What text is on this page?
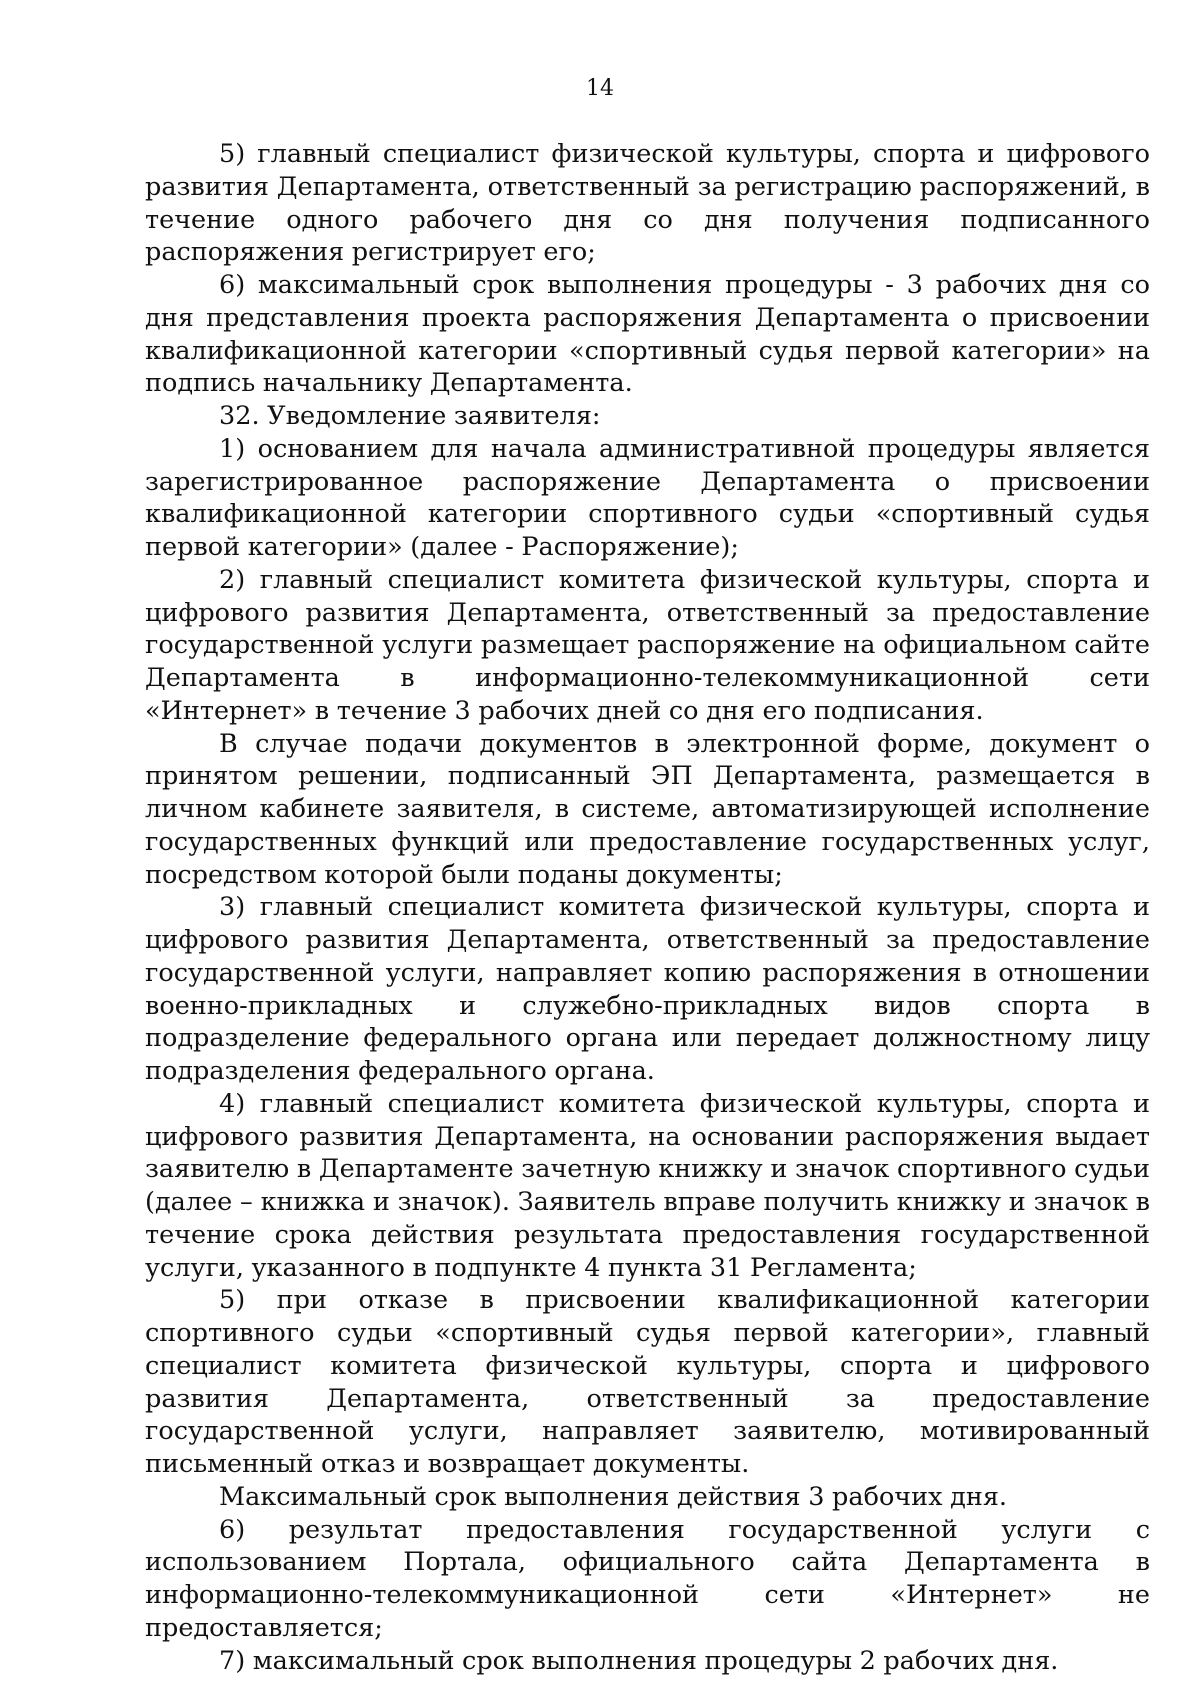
14

5) главный специалист физической культуры, спорта и цифрового развития Департамента, ответственный за регистрацию распоряжений, в течение одного рабочего дня со дня получения подписанного распоряжения регистрирует его;

6) максимальный срок выполнения процедуры - 3 рабочих дня со дня представления проекта распоряжения Департамента о присвоении квалификационной категории «спортивный судья первой категории» на подпись начальнику Департамента.

32. Уведомление заявителя:

1) основанием для начала административной процедуры является зарегистрированное распоряжение Департамента о присвоении квалификационной категории спортивного судьи «спортивный судья первой категории» (далее - Распоряжение);

2) главный специалист комитета физической культуры, спорта и цифрового развития Департамента, ответственный за предоставление государственной услуги размещает распоряжение на официальном сайте Департамента в информационно-телекоммуникационной сети «Интернет» в течение 3 рабочих дней со дня его подписания.

В случае подачи документов в электронной форме, документ о принятом решении, подписанный ЭП Департамента, размещается в личном кабинете заявителя, в системе, автоматизирующей исполнение государственных функций или предоставление государственных услуг, посредством которой были поданы документы;

3) главный специалист комитета физической культуры, спорта и цифрового развития Департамента, ответственный за предоставление государственной услуги, направляет копию распоряжения в отношении военно-прикладных и служебно-прикладных видов спорта в подразделение федерального органа или передает должностному лицу подразделения федерального органа.

4) главный специалист комитета физической культуры, спорта и цифрового развития Департамента, на основании распоряжения выдает заявителю в Департаменте зачетную книжку и значок спортивного судьи (далее – книжка и значок). Заявитель вправе получить книжку и значок в течение срока действия результата предоставления государственной услуги, указанного в подпункте 4 пункта 31 Регламента;

5) при отказе в присвоении квалификационной категории спортивного судьи «спортивный судья первой категории», главный специалист комитета физической культуры, спорта и цифрового развития Департамента, ответственный за предоставление государственной услуги, направляет заявителю, мотивированный письменный отказ и возвращает документы.

Максимальный срок выполнения действия 3 рабочих дня.

6) результат предоставления государственной услуги с использованием Портала, официального сайта Департамента в информационно-телекоммуникационной сети «Интернет» не предоставляется;

7) максимальный срок выполнения процедуры 2 рабочих дня.
